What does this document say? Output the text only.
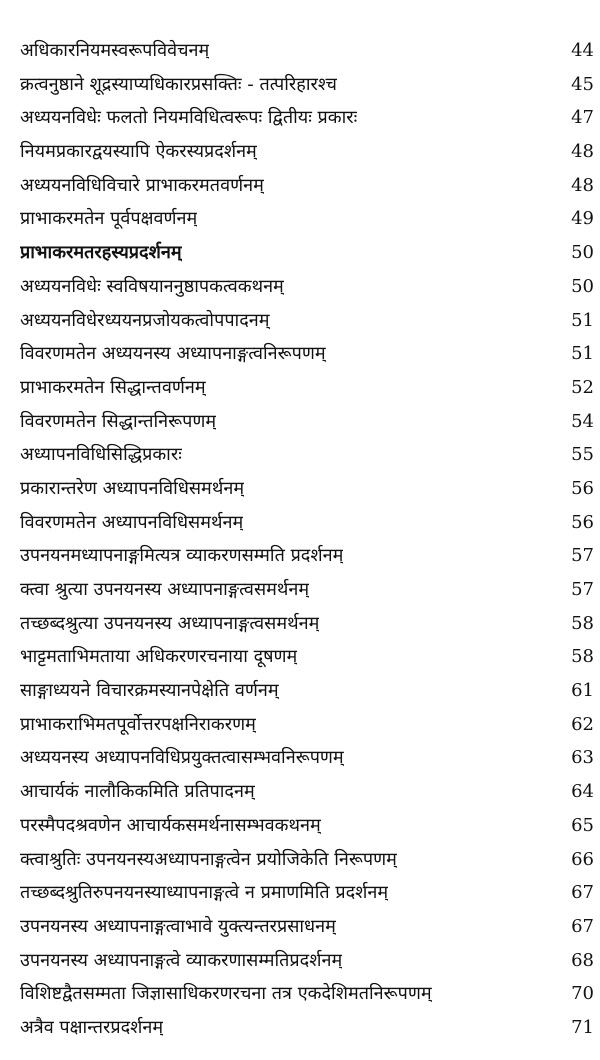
अधिकारनियमस्वरूपविवेचनम्	44
क्रत्वनुष्ठाने शूद्रस्याप्यधिकारप्रसक्तिः - तत्परिहारश्च	45
अध्ययनविधेः फलतो नियमविधित्वरूपः द्वितीयः प्रकारः	47
नियमप्रकारद्वयस्यापि ऐकरस्यप्रदर्शनम्	48
अध्ययनविधिविचारे प्राभाकरमतवर्णनम्	48
प्राभाकरमतेन पूर्वपक्षवर्णनम्	49
प्राभाकरमतरहस्यप्रदर्शनम्	50
अध्ययनविधेः स्वविषयाननुष्ठापकत्वकथनम्	50
अध्ययनविधेरध्ययनप्रजोयकत्वोपपादनम्	51
विवरणमतेन अध्ययनस्य अध्यापनाङ्गत्वनिरूपणम्	51
प्राभाकरमतेन सिद्धान्तवर्णनम्	52
विवरणमतेन सिद्धान्तनिरूपणम्	54
अध्यापनविधिसिद्धिप्रकारः	55
प्रकारान्तरेण अध्यापनविधिसमर्थनम्	56
विवरणमतेन अध्यापनविधिसमर्थनम्	56
उपनयनमध्यापनाङ्गमित्यत्र व्याकरणसम्मति प्रदर्शनम्	57
क्त्वा श्रुत्या उपनयनस्य अध्यापनाङ्गत्वसमर्थनम्	57
तच्छब्दश्रुत्या उपनयनस्य अध्यापनाङ्गत्वसमर्थनम्	58
भाट्टमताभिमताया अधिकरणरचनाया दूषणम्	58
साङ्गाध्ययने विचारक्रमस्यानपेक्षेति वर्णनम्	61
प्राभाकराभिमतपूर्वोत्तरपक्षनिराकरणम्	62
अध्ययनस्य अध्यापनविधिप्रयुक्तत्वासम्भवनिरूपणम्	63
आचार्यकं नालौकिकमिति प्रतिपादनम्	64
परस्मैपदश्रवणेन आचार्यकसमर्थनासम्भवकथनम्	65
क्त्वाश्रुतिः उपनयनस्यअध्यापनाङ्गत्वेन प्रयोजिकेति निरूपणम्	66
तच्छब्दश्रुतिरुपनयनस्याध्यापनाङ्गत्वे न प्रमाणमिति प्रदर्शनम्	67
उपनयनस्य अध्यापनाङ्गत्वाभावे युक्त्यन्तरप्रसाधनम्	67
उपनयनस्य अध्यापनाङ्गत्वे व्याकरणासम्मतिप्रदर्शनम्	68
विशिष्टद्वैतसम्मता जिज्ञासाधिकरणरचना तत्र एकदेशिमतनिरूपणम्	70
अत्रैव पक्षान्तरप्रदर्शनम्	71
